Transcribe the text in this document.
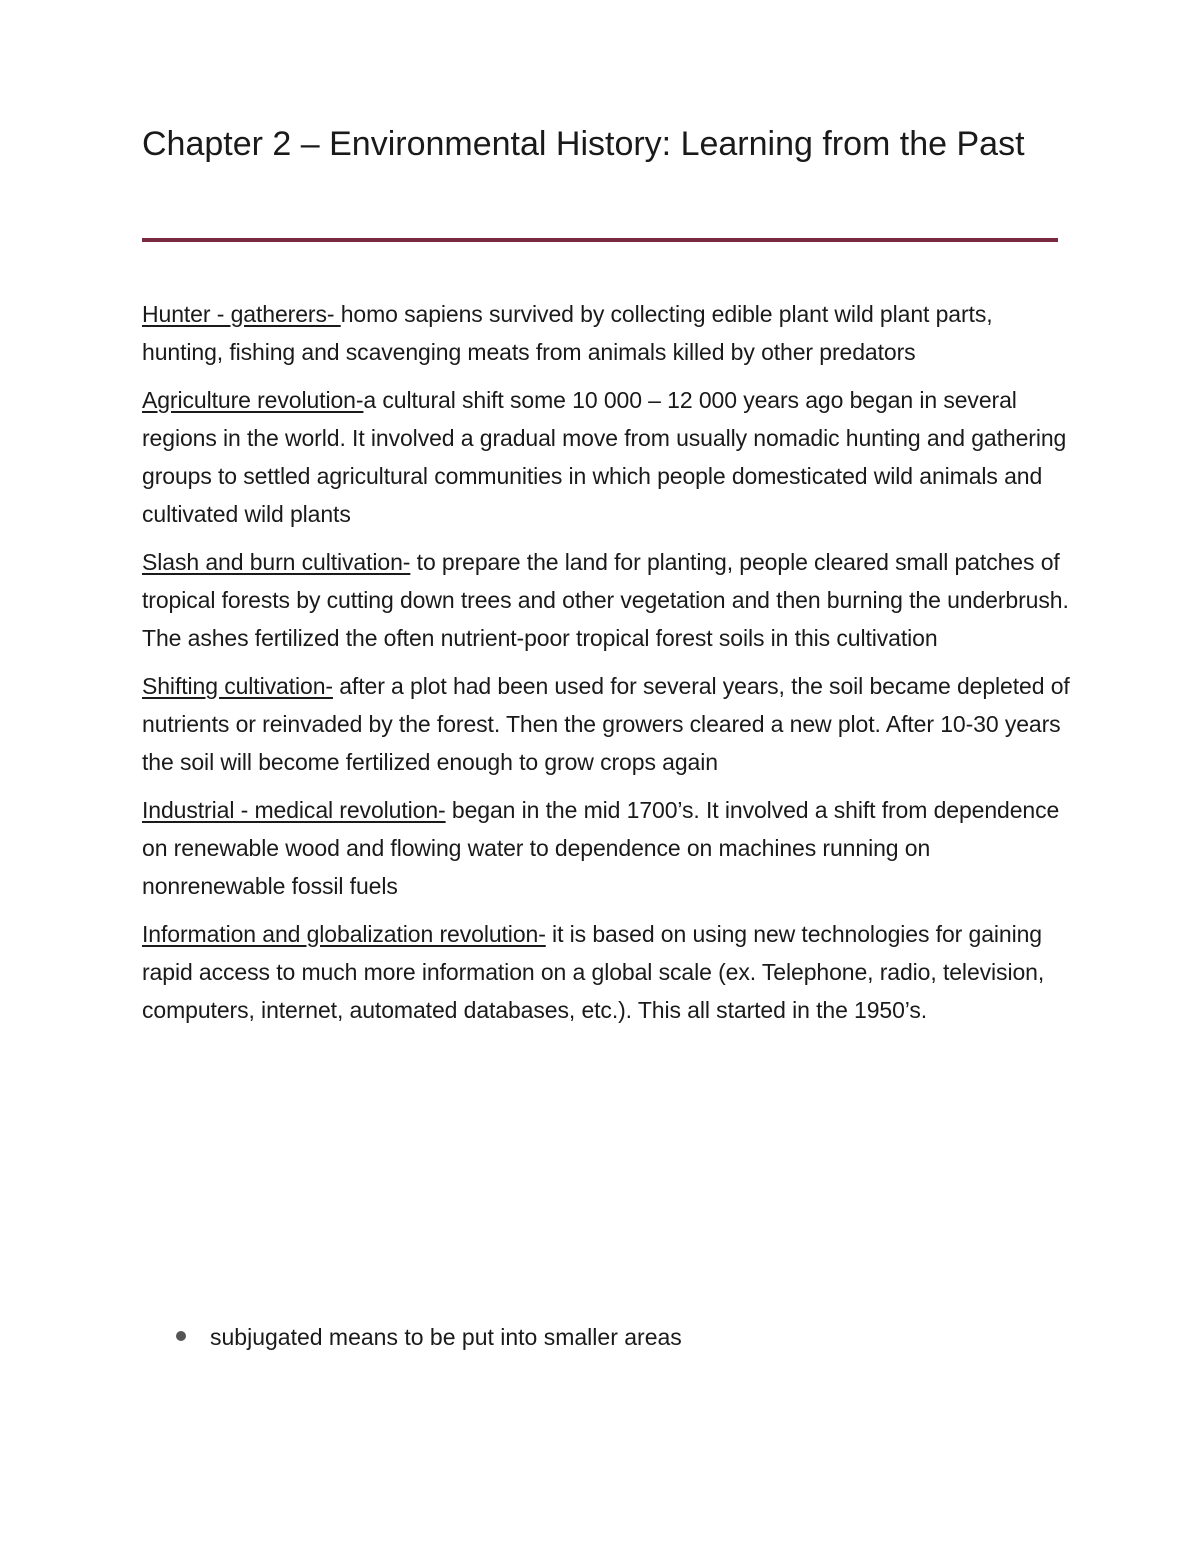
Chapter 2 – Environmental History: Learning from the Past

Hunter - gatherers- homo sapiens survived by collecting edible plant wild plant parts, hunting, fishing and scavenging meats from animals killed by other predators

Agriculture revolution-a cultural shift some 10 000 – 12 000 years ago began in several regions in the world. It involved a gradual move from usually nomadic hunting and gathering groups to settled agricultural communities in which people domesticated wild animals and cultivated wild plants

Slash and burn cultivation- to prepare the land for planting, people cleared small patches of tropical forests by cutting down trees and other vegetation and then burning the underbrush. The ashes fertilized the often nutrient-poor tropical forest soils in this cultivation

Shifting cultivation- after a plot had been used for several years, the soil became depleted of nutrients or reinvaded by the forest. Then the growers cleared a new plot. After 10-30 years the soil will become fertilized enough to grow crops again

Industrial - medical revolution- began in the mid 1700’s. It involved a shift from dependence on renewable wood and flowing water to dependence on machines running on nonrenewable fossil fuels

Information and globalization revolution- it is based on using new technologies for gaining rapid access to much more information on a global scale (ex. Telephone, radio, television, computers, internet, automated databases, etc.). This all started in the 1950’s.

subjugated means to be put into smaller areas
